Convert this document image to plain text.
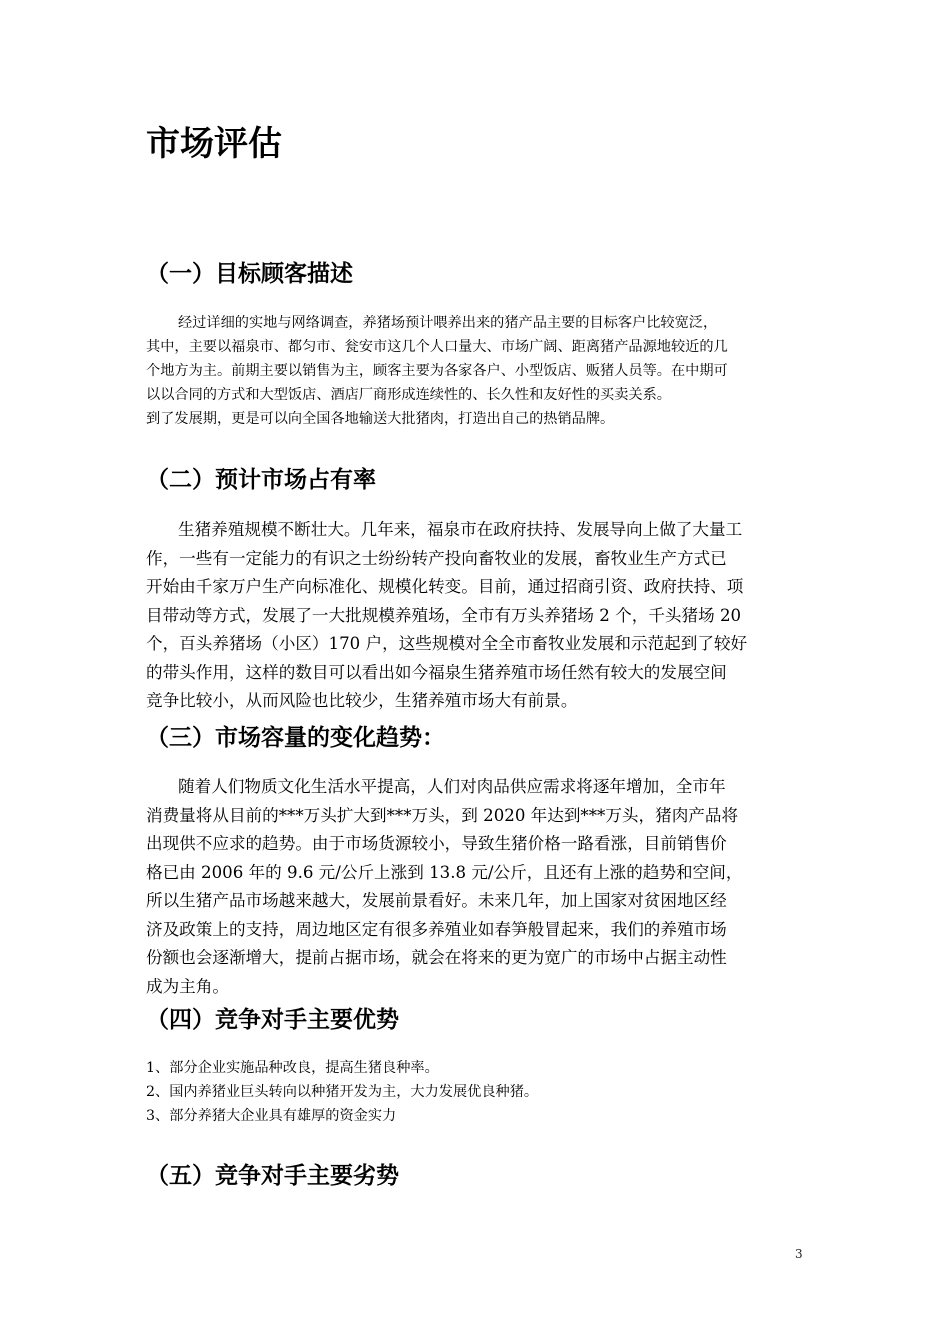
市场评估
（一）目标顾客描述
经过详细的实地与网络调查，养猪场预计喂养出来的猪产品主要的目标客户比较宽泛，
其中，主要以福泉市、都匀市、瓮安市这几个人口量大、市场广阔、距离猪产品源地较近的几
个地方为主。前期主要以销售为主，顾客主要为各家各户、小型饭店、贩猪人员等。在中期可
以以合同的方式和大型饭店、酒店厂商形成连续性的、长久性和友好性的买卖关系。
到了发展期，更是可以向全国各地输送大批猪肉，打造出自己的热销品牌。
（二）预计市场占有率
生猪养殖规模不断壮大。几年来，福泉市在政府扶持、发展导向上做了大量工
作，一些有一定能力的有识之士纷纷转产投向畜牧业的发展，畜牧业生产方式已
开始由千家万户生产向标准化、规模化转变。目前，通过招商引资、政府扶持、项
目带动等方式，发展了一大批规模养殖场，全市有万头养猪场 2 个，千头猪场 20
个，百头养猪场（小区）170 户，这些规模对全全市畜牧业发展和示范起到了较好
的带头作用，这样的数目可以看出如今福泉生猪养殖市场任然有较大的发展空间
竞争比较小，从而风险也比较少，生猪养殖市场大有前景。
（三）市场容量的变化趋势：
随着人们物质文化生活水平提高，人们对肉品供应需求将逐年增加，全市年
消费量将从目前的***万头扩大到***万头，到 2020 年达到***万头，猪肉产品将
出现供不应求的趋势。由于市场货源较小，导致生猪价格一路看涨，目前销售价
格已由 2006 年的 9.6 元/公斤上涨到 13.8 元/公斤，且还有上涨的趋势和空间，
所以生猪产品市场越来越大，发展前景看好。未来几年，加上国家对贫困地区经
济及政策上的支持，周边地区定有很多养殖业如春笋般冒起来，我们的养殖市场
份额也会逐渐增大，提前占据市场，就会在将来的更为宽广的市场中占据主动性
成为主角。
（四）竞争对手主要优势
1、部分企业实施品种改良，提高生猪良种率。
2、国内养猪业巨头转向以种猪开发为主，大力发展优良种猪。
3、部分养猪大企业具有雄厚的资金实力
（五）竞争对手主要劣势
3
